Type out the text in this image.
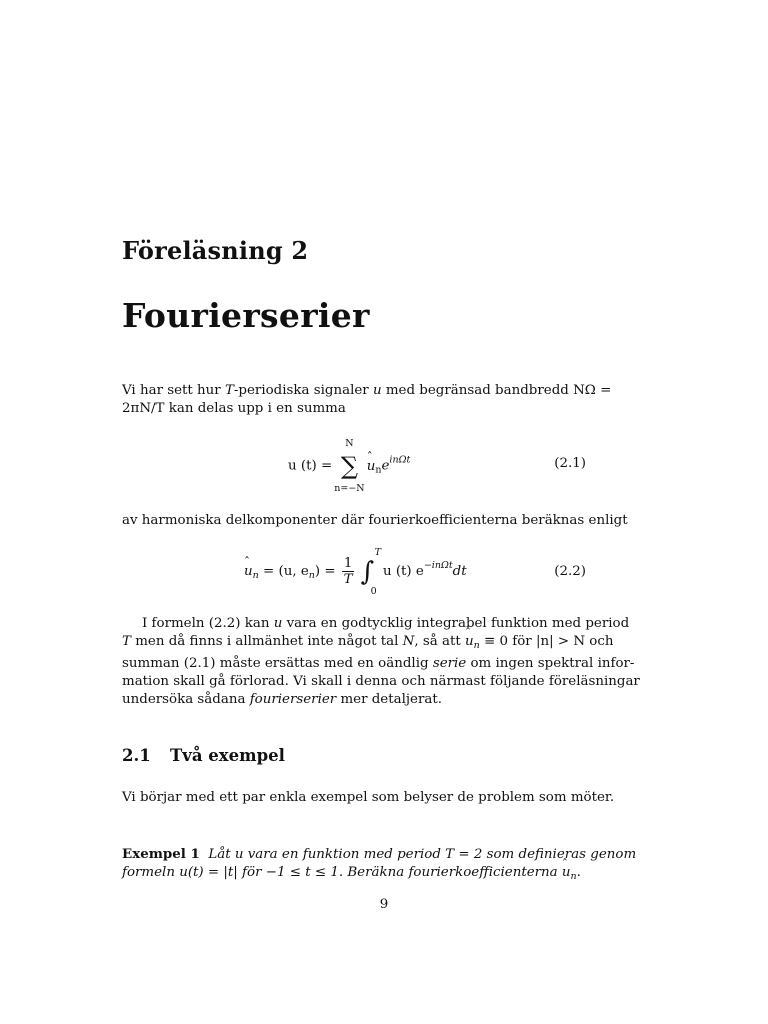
Föreläsning 2
Fourierserier
Vi har sett hur T-periodiska signaler u med begränsad bandbredd NΩ =
2πN/T kan delas upp i en summa
u (t) = ∑
N
n=−N
ˆ $u_ne^{in\Omega t}$	(2.1)
av harmoniska delkomponenter där fourierkoefficienterna beräknas enligt
ˆ $u_n = (u$, $e_n) = \frac{1}{T}$ ∫
T
0
u (t) $e^{-in\Omega t}dt$	(2.2)
I formeln (2.2) kan u vara en godtycklig integrabel funktion med period
T men då finns i allmänhet inte något tal N, så att ˆ $u_n \equiv 0$ för |n| > N och
summan (2.1) måste ersättas med en oändlig serie om ingen spektral infor-
mation skall gå förlorad. Vi skall i denna och närmast följande föreläsningar
undersöka sådana fourierserier mer detaljerat.
2.1 Två exempel
Vi börjar med ett par enkla exempel som belyser de problem som möter.
Exempel 1 Låt u vara en funktion med period T = 2 som definieras genom
formeln u(t) = |t| för −1 ≤ t ≤ 1. Beräkna fourierkoefficienterna ˆ $u_n$.
9
